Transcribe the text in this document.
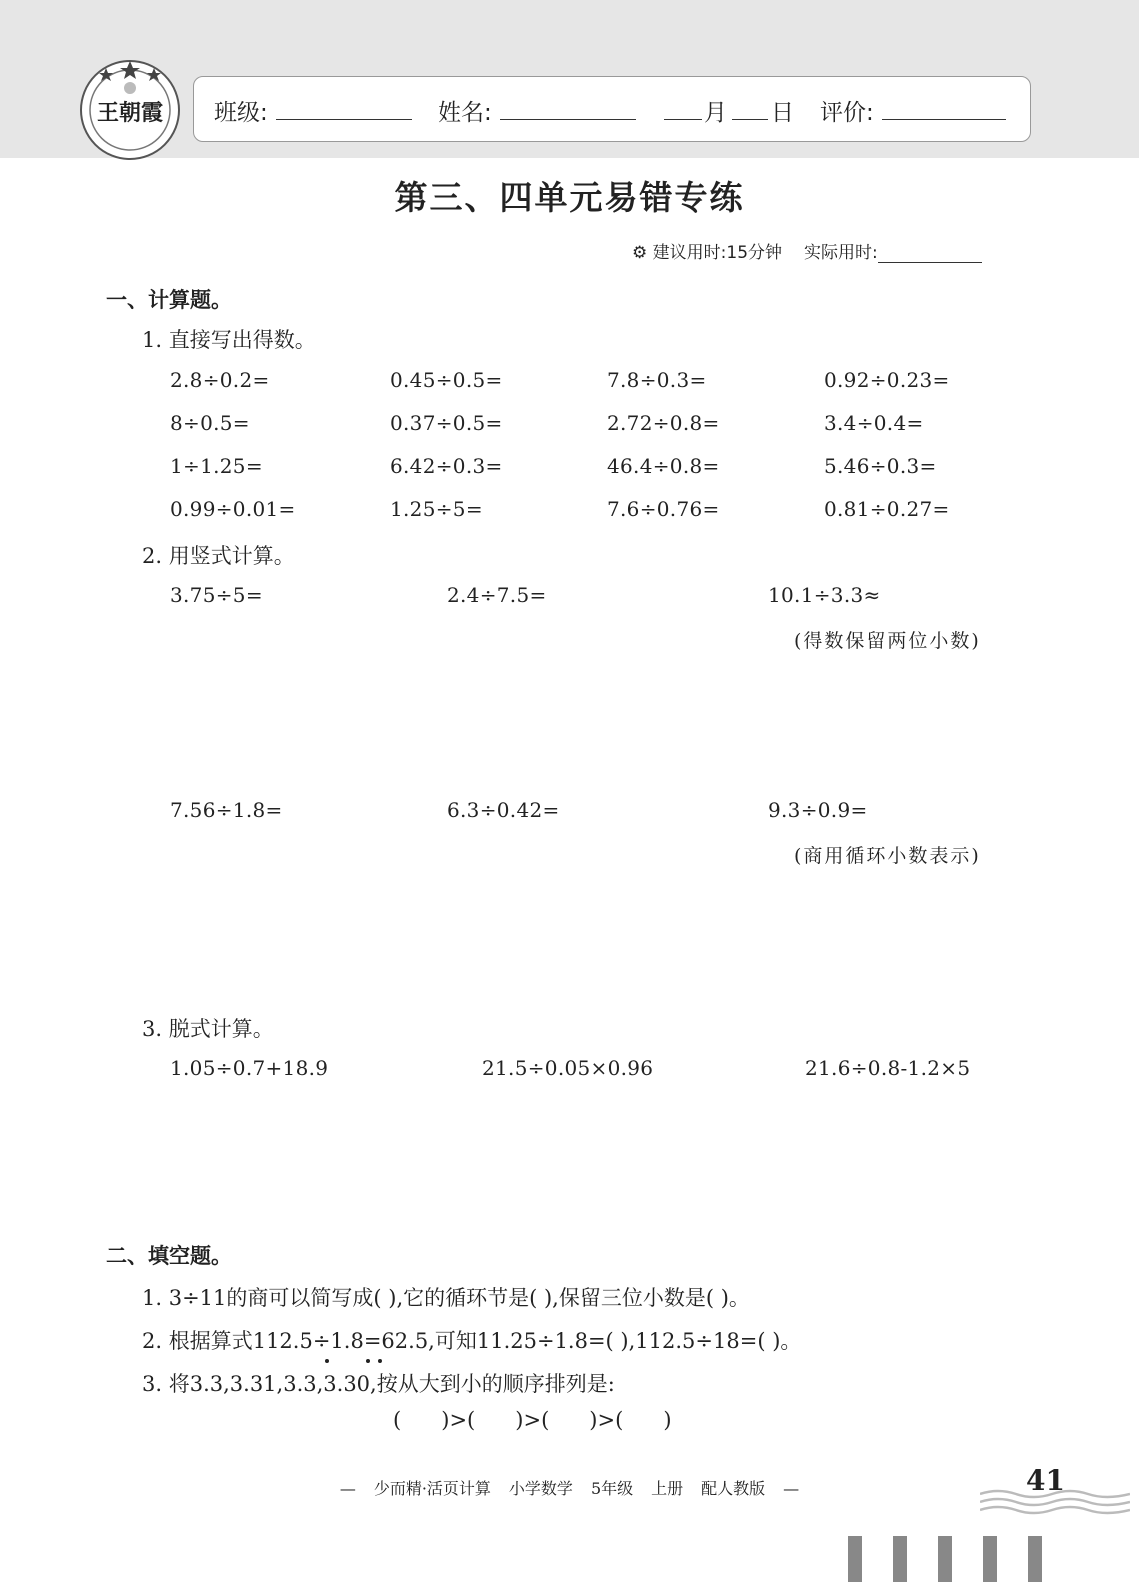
王朝霞 班级:	姓名:	月 日 评价:
第三、四单元易错专练
⚙ 建议用时:15分钟 实际用时:
一、计算题。
1. 直接写出得数。
2.8÷0.2=	0.45÷0.5=	7.8÷0.3=	0.92÷0.23=
8÷0.5=	0.37÷0.5=	2.72÷0.8=	3.4÷0.4=
1÷1.25=	6.42÷0.3=	46.4÷0.8=	5.46÷0.3=
0.99÷0.01=	1.25÷5=	7.6÷0.76=	0.81÷0.27=
2. 用竖式计算。
3.75÷5=	2.4÷7.5=	10.1÷3.3≈
(得数保留两位小数)
7.56÷1.8=	6.3÷0.42=	9.3÷0.9=
(商用循环小数表示)
3. 脱式计算。
1.05÷0.7+18.9	21.5÷0.05×0.96	21.6÷0.8-1.2×5
二、填空题。
1. 3÷11的商可以简写成( ),它的循环节是( ),保留三位小数是( )。
2. 根据算式112.5÷1.8=62.5,可知11.25÷1.8=( ),112.5÷18=( )。
3. 将3.3,3.31,3.3,3.30,按从大到小的顺序排列是:
(      )>(      )>(      )>(      )
— 少而精·活页计算 小学数学 5年级 上册 配人教版 —	41
